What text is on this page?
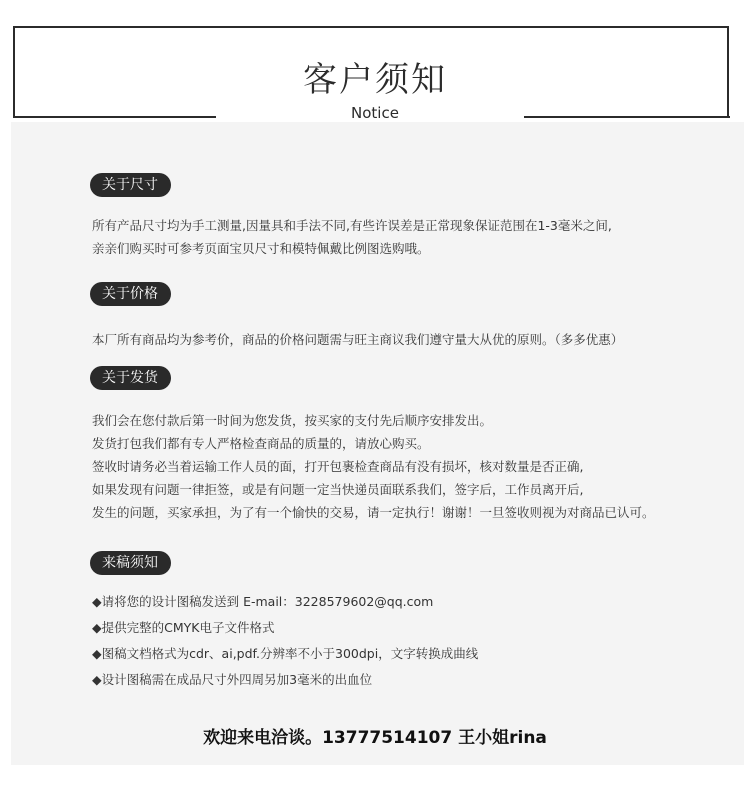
客户须知
Notice
关于尺寸
所有产品尺寸均为手工测量,因量具和手法不同,有些许误差是正常现象保证范围在1-3毫米之间,
亲亲们购买时可参考页面宝贝尺寸和模特佩戴比例图选购哦。
关于价格
本厂所有商品均为参考价，商品的价格问题需与旺主商议我们遵守量大从优的原则。（多多优惠）
关于发货
我们会在您付款后第一时间为您发货，按买家的支付先后顺序安排发出。
发货打包我们都有专人严格检查商品的质量的，请放心购买。
签收时请务必当着运输工作人员的面，打开包裹检查商品有没有损坏，核对数量是否正确,
如果发现有问题一律拒签，或是有问题一定当快递员面联系我们，签字后，工作员离开后,
发生的问题，买家承担，为了有一个愉快的交易，请一定执行！谢谢！一旦签收则视为对商品已认可。
来稿须知
◆请将您的设计图稿发送到 E-mail：3228579602@qq.com
◆提供完整的CMYK电子文件格式
◆图稿文档格式为cdr、ai,pdf.分辨率不小于300dpi，文字转换成曲线
◆设计图稿需在成品尺寸外四周另加3毫米的出血位
欢迎来电洽谈。13777514107 王小姐rina
